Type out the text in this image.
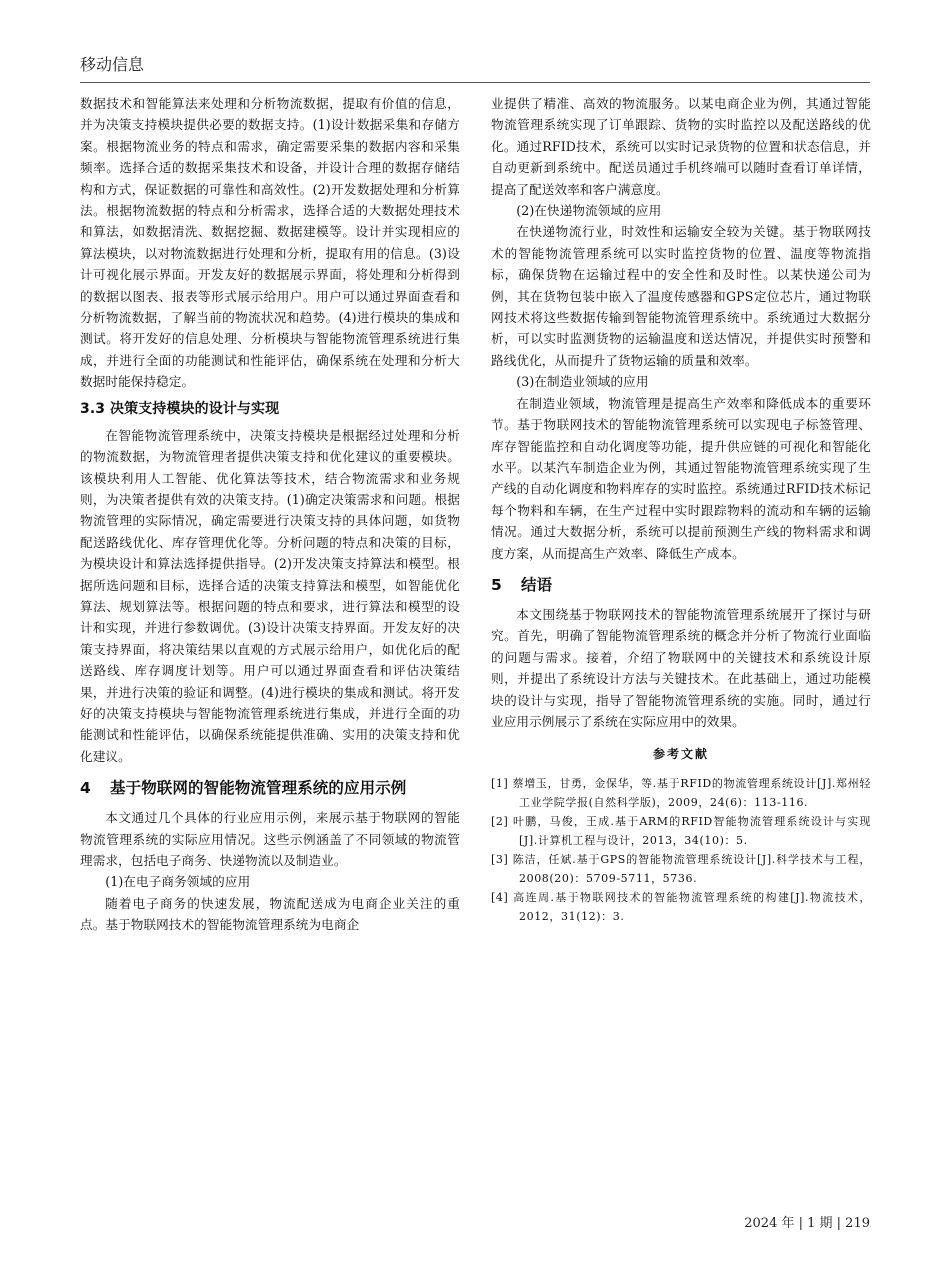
移动信息

数据技术和智能算法来处理和分析物流数据，提取有价值的信息，并为决策支持模块提供必要的数据支持。(1)设计数据采集和存储方案。根据物流业务的特点和需求，确定需要采集的数据内容和采集频率。选择合适的数据采集技术和设备，并设计合理的数据存储结构和方式，保证数据的可靠性和高效性。(2)开发数据处理和分析算法。根据物流数据的特点和分析需求，选择合适的大数据处理技术和算法，如数据清洗、数据挖掘、数据建模等。设计并实现相应的算法模块，以对物流数据进行处理和分析，提取有用的信息。(3)设计可视化展示界面。开发友好的数据展示界面，将处理和分析得到的数据以图表、报表等形式展示给用户。用户可以通过界面查看和分析物流数据，了解当前的物流状况和趋势。(4)进行模块的集成和测试。将开发好的信息处理、分析模块与智能物流管理系统进行集成，并进行全面的功能测试和性能评估，确保系统在处理和分析大数据时能保持稳定。

3.3 决策支持模块的设计与实现

在智能物流管理系统中，决策支持模块是根据经过处理和分析的物流数据，为物流管理者提供决策支持和优化建议的重要模块。该模块利用人工智能、优化算法等技术，结合物流需求和业务规则，为决策者提供有效的决策支持。(1)确定决策需求和问题。根据物流管理的实际情况，确定需要进行决策支持的具体问题，如货物配送路线优化、库存管理优化等。分析问题的特点和决策的目标，为模块设计和算法选择提供指导。(2)开发决策支持算法和模型。根据所选问题和目标，选择合适的决策支持算法和模型，如智能优化算法、规划算法等。根据问题的特点和要求，进行算法和模型的设计和实现，并进行参数调优。(3)设计决策支持界面。开发友好的决策支持界面，将决策结果以直观的方式展示给用户，如优化后的配送路线、库存调度计划等。用户可以通过界面查看和评估决策结果，并进行决策的验证和调整。(4)进行模块的集成和测试。将开发好的决策支持模块与智能物流管理系统进行集成，并进行全面的功能测试和性能评估，以确保系统能提供准确、实用的决策支持和优化建议。

4 基于物联网的智能物流管理系统的应用示例

本文通过几个具体的行业应用示例，来展示基于物联网的智能物流管理系统的实际应用情况。这些示例涵盖了不同领域的物流管理需求，包括电子商务、快递物流以及制造业。

(1)在电子商务领域的应用

随着电子商务的快速发展，物流配送成为电商企业关注的重点。基于物联网技术的智能物流管理系统为电商企

业提供了精准、高效的物流服务。以某电商企业为例，其通过智能物流管理系统实现了订单跟踪、货物的实时监控以及配送路线的优化。通过RFID技术，系统可以实时记录货物的位置和状态信息，并自动更新到系统中。配送员通过手机终端可以随时查看订单详情，提高了配送效率和客户满意度。

(2)在快递物流领域的应用

在快递物流行业，时效性和运输安全较为关键。基于物联网技术的智能物流管理系统可以实时监控货物的位置、温度等物流指标，确保货物在运输过程中的安全性和及时性。以某快递公司为例，其在货物包装中嵌入了温度传感器和GPS定位芯片，通过物联网技术将这些数据传输到智能物流管理系统中。系统通过大数据分析，可以实时监测货物的运输温度和送达情况，并提供实时预警和路线优化，从而提升了货物运输的质量和效率。

(3)在制造业领域的应用

在制造业领域，物流管理是提高生产效率和降低成本的重要环节。基于物联网技术的智能物流管理系统可以实现电子标签管理、库存智能监控和自动化调度等功能，提升供应链的可视化和智能化水平。以某汽车制造企业为例，其通过智能物流管理系统实现了生产线的自动化调度和物料库存的实时监控。系统通过RFID技术标记每个物料和车辆，在生产过程中实时跟踪物料的流动和车辆的运输情况。通过大数据分析，系统可以提前预测生产线的物料需求和调度方案，从而提高生产效率、降低生产成本。

5 结语

本文围绕基于物联网技术的智能物流管理系统展开了探讨与研究。首先，明确了智能物流管理系统的概念并分析了物流行业面临的问题与需求。接着，介绍了物联网中的关键技术和系统设计原则，并提出了系统设计方法与关键技术。在此基础上，通过功能模块的设计与实现，指导了智能物流管理系统的实施。同时，通过行业应用示例展示了系统在实际应用中的效果。

参考文献

[1] 蔡增玉，甘勇，金保华，等.基于RFID的物流管理系统设计[J].郑州轻工业学院学报(自然科学版)，2009，24(6)：113-116.

[2] 叶鹏，马俊，王成.基于ARM的RFID智能物流管理系统设计与实现[J].计算机工程与设计，2013，34(10)：5.

[3] 陈洁，任斌.基于GPS的智能物流管理系统设计[J].科学技术与工程，2008(20)：5709-5711，5736.

[4] 高连周.基于物联网技术的智能物流管理系统的构建[J].物流技术，2012，31(12)：3.

2024 年 | 1 期 | 219
